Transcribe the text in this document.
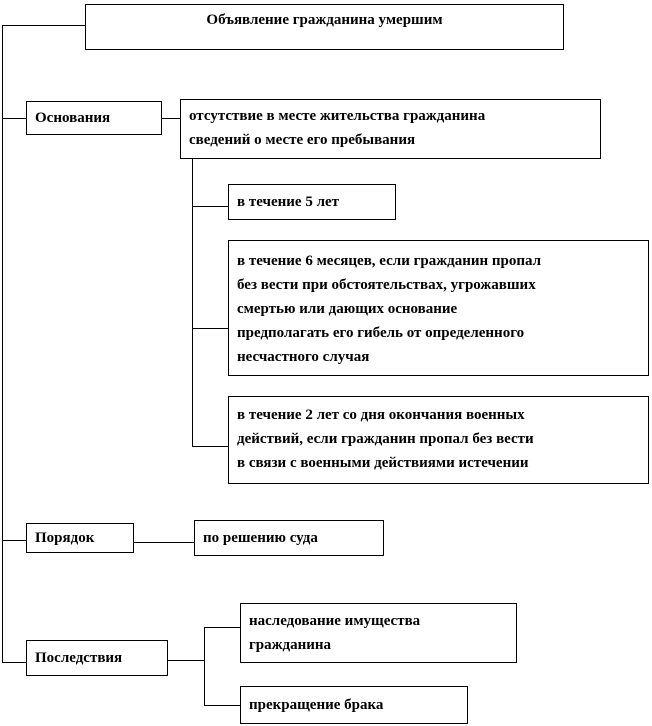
Объявление гражданина умершим
Основания	отсутствие в месте жительства гражданина
сведений о месте его пребывания
в течение 5 лет
в течение 6 месяцев, если гражданин пропал
без вести при обстоятельствах, угрожавших
смертью или дающих основание
предполагать его гибель от определенного
несчастного случая
в течение 2 лет со дня окончания военных
действий, если гражданин пропал без вести
в связи с военными действиями истечении
Порядок	по решению суда
Последствия
наследование имущества
гражданина
прекращение брака
